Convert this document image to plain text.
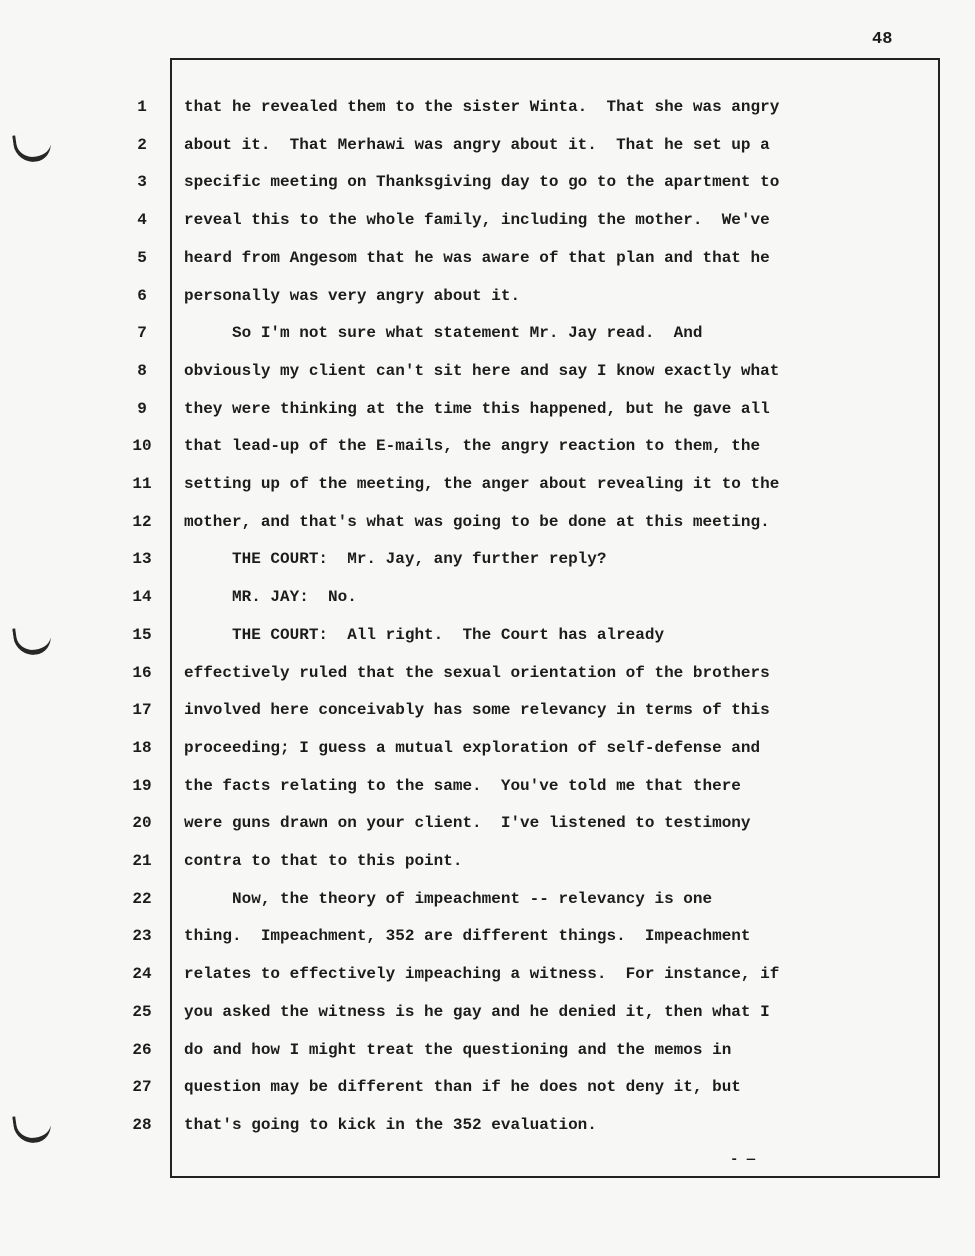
48
1	that he revealed them to the sister Winta.  That she was angry
2	about it.  That Merhawi was angry about it.  That he set up a
3	specific meeting on Thanksgiving day to go to the apartment to
4	reveal this to the whole family, including the mother.  We've
5	heard from Angesom that he was aware of that plan and that he
6	personally was very angry about it.
7	So I'm not sure what statement Mr. Jay read.  And
8	obviously my client can't sit here and say I know exactly what
9	they were thinking at the time this happened, but he gave all
10	that lead-up of the E-mails, the angry reaction to them, the
11	setting up of the meeting, the anger about revealing it to the
12	mother, and that's what was going to be done at this meeting.
13	THE COURT:  Mr. Jay, any further reply?
14	MR. JAY:  No.
15	THE COURT:  All right.  The Court has already
16	effectively ruled that the sexual orientation of the brothers
17	involved here conceivably has some relevancy in terms of this
18	proceeding; I guess a mutual exploration of self-defense and
19	the facts relating to the same.  You've told me that there
20	were guns drawn on your client.  I've listened to testimony
21	contra to that to this point.
22	Now, the theory of impeachment -- relevancy is one
23	thing.  Impeachment, 352 are different things.  Impeachment
24	relates to effectively impeaching a witness.  For instance, if
25	you asked the witness is he gay and he denied it, then what I
26	do and how I might treat the questioning and the memos in
27	question may be different than if he does not deny it, but
28	that's going to kick in the 352 evaluation.
- —
